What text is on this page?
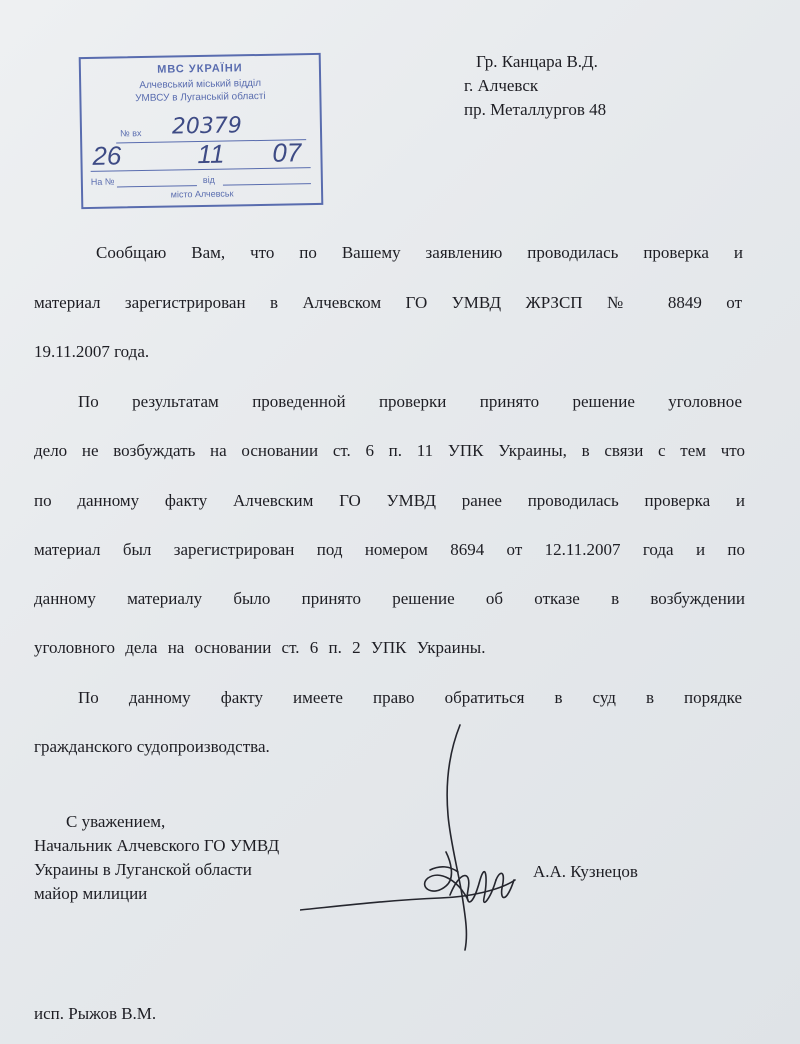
МВС УКРАЇНИ
Алчевський міський відділ
УМВСУ в Луганській області
№ вх 20379
26	11 07
На №	від
місто Алчевськ
Гр. Канцара В.Д.
г. Алчевск
пр. Металлургов 48
Сообщаю Вам, что по Вашему заявлению проводилась проверка и
материал зарегистрирован в Алчевском ГО УМВД ЖРЗСП № 8849 от
19.11.2007 года.
По результатам проведенной проверки принято решение уголовное
дело не возбуждать на основании ст. 6 п. 11 УПК Украины, в связи с тем что
по данному факту Алчевским ГО УМВД ранее проводилась проверка и
материал был зарегистрирован под номером 8694 от 12.11.2007 года и по
данному материалу было принято решение об отказе в возбуждении
уголовного дела на основании ст. 6 п. 2 УПК Украины.
По данному факту имеете право обратиться в суд в порядке
гражданского судопроизводства.
С уважением,
Начальник Алчевского ГО УМВД
Украины в Луганской области
майор милиции
А.А. Кузнецов
исп. Рыжов В.М.
